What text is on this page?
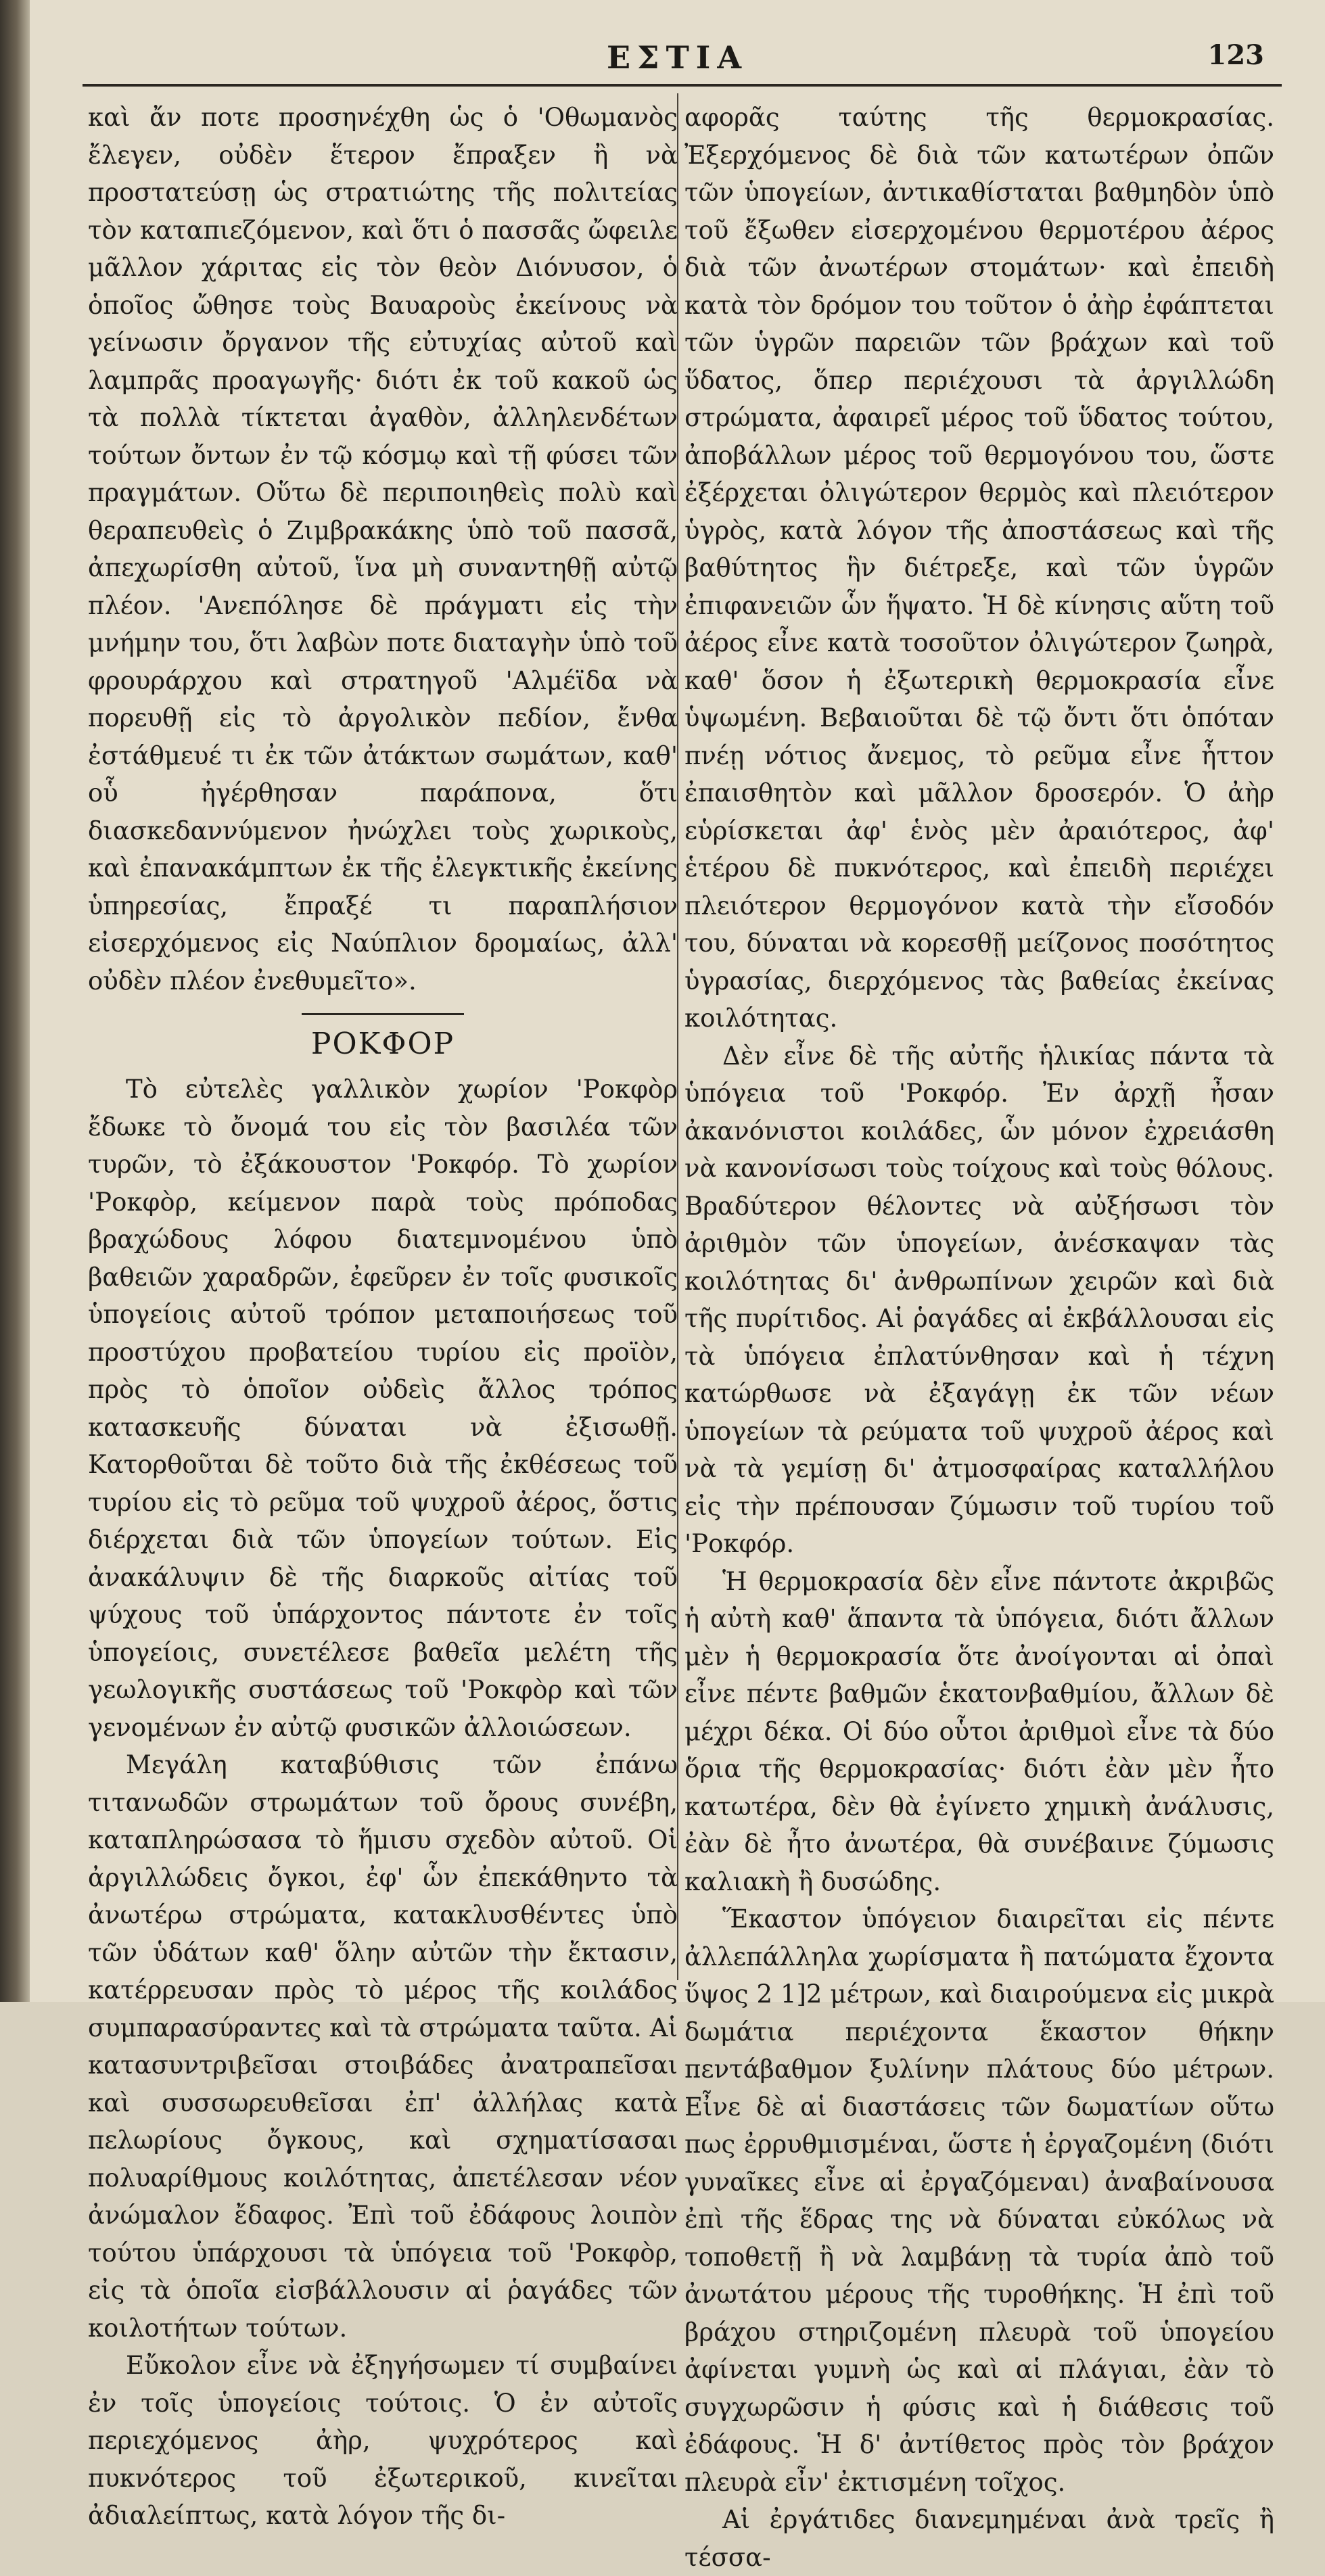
ΕΣΤΙΑ	123

καὶ ἄν ποτε προσηνέχθη ὡς ὁ 'Οθωμανὸς ἔλεγεν, οὐδὲν ἕτερον ἔπραξεν ἢ νὰ προστατεύσῃ ὡς στρατιώτης τῆς πολιτείας τὸν καταπιεζόμενον, καὶ ὅτι ὁ πασσᾶς ὤφειλε μᾶλλον χάριτας εἰς τὸν θεὸν Διόνυσον, ὁ ὁποῖος ὤθησε τοὺς Βαυαροὺς ἐκείνους νὰ γείνωσιν ὄργανον τῆς εὐτυχίας αὐτοῦ καὶ λαμπρᾶς προαγωγῆς· διότι ἐκ τοῦ κακοῦ ὡς τὰ πολλὰ τίκτεται ἀγαθὸν, ἀλληλενδέτων τούτων ὄντων ἐν τῷ κόσμῳ καὶ τῇ φύσει τῶν πραγμάτων. Οὕτω δὲ περιποιηθεὶς πολὺ καὶ θεραπευθεὶς ὁ Ζιμβρακάκης ὑπὸ τοῦ πασσᾶ, ἀπεχωρίσθη αὐτοῦ, ἵνα μὴ συναντηθῇ αὐτῷ πλέον. 'Ανεπόλησε δὲ πράγματι εἰς τὴν μνήμην του, ὅτι λαβὼν ποτε διαταγὴν ὑπὸ τοῦ φρουράρχου καὶ στρατηγοῦ 'Αλμέϊδα νὰ πορευθῇ εἰς τὸ ἀργολικὸν πεδίον, ἔνθα ἐστάθμευέ τι ἐκ τῶν ἀτάκτων σωμάτων, καθ' οὗ ἠγέρθησαν παράπονα, ὅτι διασκεδαννύμενον ἠνώχλει τοὺς χωρικοὺς, καὶ ἐπανακάμπτων ἐκ τῆς ἐλεγκτικῆς ἐκείνης ὑπηρεσίας, ἔπραξέ τι παραπλήσιον εἰσερχόμενος εἰς Ναύπλιον δρομαίως, ἀλλ' οὐδὲν πλέον ἐνεθυμεῖτο».

ΡΟΚΦΟΡ

Τὸ εὐτελὲς γαλλικὸν χωρίον 'Ροκφὸρ ἔδωκε τὸ ὄνομά του εἰς τὸν βασιλέα τῶν τυρῶν, τὸ ἐξάκουστον 'Ροκφόρ. Τὸ χωρίον 'Ροκφὸρ, κείμενον παρὰ τοὺς πρόποδας βραχώδους λόφου διατεμνομένου ὑπὸ βαθειῶν χαραδρῶν, ἐφεῦρεν ἐν τοῖς φυσικοῖς ὑπογείοις αὐτοῦ τρόπον μεταποιήσεως τοῦ προστύχου προβατείου τυρίου εἰς προϊὸν, πρὸς τὸ ὁποῖον οὐδεὶς ἄλλος τρόπος κατασκευῆς δύναται νὰ ἐξισωθῇ. Κατορθοῦται δὲ τοῦτο διὰ τῆς ἐκθέσεως τοῦ τυρίου εἰς τὸ ρεῦμα τοῦ ψυχροῦ ἀέρος, ὅστις διέρχεται διὰ τῶν ὑπογείων τούτων. Εἰς ἀνακάλυψιν δὲ τῆς διαρκοῦς αἰτίας τοῦ ψύχους τοῦ ὑπάρχοντος πάντοτε ἐν τοῖς ὑπογείοις, συνετέλεσε βαθεῖα μελέτη τῆς γεωλογικῆς συστάσεως τοῦ 'Ροκφὸρ καὶ τῶν γενομένων ἐν αὐτῷ φυσικῶν ἀλλοιώσεων.

Μεγάλη καταβύθισις τῶν ἐπάνω τιτανωδῶν στρωμάτων τοῦ ὄρους συνέβη, καταπληρώσασα τὸ ἥμισυ σχεδὸν αὐτοῦ. Οἱ ἀργιλλώδεις ὄγκοι, ἐφ' ὧν ἐπεκάθηντο τὰ ἀνωτέρω στρώματα, κατακλυσθέντες ὑπὸ τῶν ὑδάτων καθ' ὅλην αὐτῶν τὴν ἔκτασιν, κατέρρευσαν πρὸς τὸ μέρος τῆς κοιλάδος συμπαρασύραντες καὶ τὰ στρώματα ταῦτα. Αἱ κατασυντριβεῖσαι στοιβάδες ἀνατραπεῖσαι καὶ συσσωρευθεῖσαι ἐπ' ἀλλήλας κατὰ πελωρίους ὄγκους, καὶ σχηματίσασαι πολυαρίθμους κοιλότητας, ἀπετέλεσαν νέον ἀνώμαλον ἔδαφος. Ἐπὶ τοῦ ἐδάφους λοιπὸν τούτου ὑπάρχουσι τὰ ὑπόγεια τοῦ 'Ροκφὸρ, εἰς τὰ ὁποῖα εἰσβάλλουσιν αἱ ῥαγάδες τῶν κοιλοτήτων τούτων.

Εὔκολον εἶνε νὰ ἐξηγήσωμεν τί συμβαίνει ἐν τοῖς ὑπογείοις τούτοις. Ὁ ἐν αὐτοῖς περιεχόμενος ἀὴρ, ψυχρότερος καὶ πυκνότερος τοῦ ἐξωτερικοῦ, κινεῖται ἀδιαλείπτως, κατὰ λόγον τῆς δι-

αφορᾶς ταύτης τῆς θερμοκρασίας. Ἐξερχόμενος δὲ διὰ τῶν κατωτέρων ὀπῶν τῶν ὑπογείων, ἀντικαθίσταται βαθμηδὸν ὑπὸ τοῦ ἔξωθεν εἰσερχομένου θερμοτέρου ἀέρος διὰ τῶν ἀνωτέρων στομάτων· καὶ ἐπειδὴ κατὰ τὸν δρόμον του τοῦτον ὁ ἀὴρ ἐφάπτεται τῶν ὑγρῶν παρειῶν τῶν βράχων καὶ τοῦ ὕδατος, ὅπερ περιέχουσι τὰ ἀργιλλώδη στρώματα, ἀφαιρεῖ μέρος τοῦ ὕδατος τούτου, ἀποβάλλων μέρος τοῦ θερμογόνου του, ὥστε ἐξέρχεται ὀλιγώτερον θερμὸς καὶ πλειότερον ὑγρὸς, κατὰ λόγον τῆς ἀποστάσεως καὶ τῆς βαθύτητος ἣν διέτρεξε, καὶ τῶν ὑγρῶν ἐπιφανειῶν ὧν ἥψατο. Ἡ δὲ κίνησις αὕτη τοῦ ἀέρος εἶνε κατὰ τοσοῦτον ὀλιγώτερον ζωηρὰ, καθ' ὅσον ἡ ἐξωτερικὴ θερμοκρασία εἶνε ὑψωμένη. Βεβαιοῦται δὲ τῷ ὄντι ὅτι ὁπόταν πνέῃ νότιος ἄνεμος, τὸ ρεῦμα εἶνε ἧττον ἐπαισθητὸν καὶ μᾶλλον δροσερόν. Ὁ ἀὴρ εὑρίσκεται ἀφ' ἑνὸς μὲν ἀραιότερος, ἀφ' ἑτέρου δὲ πυκνότερος, καὶ ἐπειδὴ περιέχει πλειότερον θερμογόνον κατὰ τὴν εἴσοδόν του, δύναται νὰ κορεσθῇ μείζονος ποσότητος ὑγρασίας, διερχόμενος τὰς βαθείας ἐκείνας κοιλότητας.

Δὲν εἶνε δὲ τῆς αὐτῆς ἡλικίας πάντα τὰ ὑπόγεια τοῦ 'Ροκφόρ. Ἐν ἀρχῇ ἦσαν ἀκανόνιστοι κοιλάδες, ὧν μόνον ἐχρειάσθη νὰ κανονίσωσι τοὺς τοίχους καὶ τοὺς θόλους. Βραδύτερον θέλοντες νὰ αὐξήσωσι τὸν ἀριθμὸν τῶν ὑπογείων, ἀνέσκαψαν τὰς κοιλότητας δι' ἀνθρωπίνων χειρῶν καὶ διὰ τῆς πυρίτιδος. Αἱ ῥαγάδες αἱ ἐκβάλλουσαι εἰς τὰ ὑπόγεια ἐπλατύνθησαν καὶ ἡ τέχνη κατώρθωσε νὰ ἐξαγάγῃ ἐκ τῶν νέων ὑπογείων τὰ ρεύματα τοῦ ψυχροῦ ἀέρος καὶ νὰ τὰ γεμίσῃ δι' ἀτμοσφαίρας καταλλήλου εἰς τὴν πρέπουσαν ζύμωσιν τοῦ τυρίου τοῦ 'Ροκφόρ.

Ἡ θερμοκρασία δὲν εἶνε πάντοτε ἀκριβῶς ἡ αὐτὴ καθ' ἅπαντα τὰ ὑπόγεια, διότι ἄλλων μὲν ἡ θερμοκρασία ὅτε ἀνοίγονται αἱ ὀπαὶ εἶνε πέντε βαθμῶν ἑκατονβαθμίου, ἄλλων δὲ μέχρι δέκα. Οἱ δύο οὗτοι ἀριθμοὶ εἶνε τὰ δύο ὅρια τῆς θερμοκρασίας· διότι ἐὰν μὲν ἦτο κατωτέρα, δὲν θὰ ἐγίνετο χημικὴ ἀνάλυσις, ἐὰν δὲ ἦτο ἀνωτέρα, θὰ συνέβαινε ζύμωσις καλιακὴ ἢ δυσώδης.

Ἕκαστον ὑπόγειον διαιρεῖται εἰς πέντε ἀλλεπάλληλα χωρίσματα ἢ πατώματα ἔχοντα ὕψος 2 1]2 μέτρων, καὶ διαιρούμενα εἰς μικρὰ δωμάτια περιέχοντα ἕκαστον θήκην πεντάβαθμον ξυλίνην πλάτους δύο μέτρων. Εἶνε δὲ αἱ διαστάσεις τῶν δωματίων οὕτω πως ἐρρυθμισμέναι, ὥστε ἡ ἐργαζομένη (διότι γυναῖκες εἶνε αἱ ἐργαζόμεναι) ἀναβαίνουσα ἐπὶ τῆς ἕδρας της νὰ δύναται εὐκόλως νὰ τοποθετῇ ἢ νὰ λαμβάνῃ τὰ τυρία ἀπὸ τοῦ ἀνωτάτου μέρους τῆς τυροθήκης. Ἡ ἐπὶ τοῦ βράχου στηριζομένη πλευρὰ τοῦ ὑπογείου ἀφίνεται γυμνὴ ὡς καὶ αἱ πλάγιαι, ἐὰν τὸ συγχωρῶσιν ἡ φύσις καὶ ἡ διάθεσις τοῦ ἐδάφους. Ἡ δ' ἀντίθετος πρὸς τὸν βράχον πλευρὰ εἶν' ἐκτισμένη τοῖχος.

Αἱ ἐργάτιδες διανεμημέναι ἀνὰ τρεῖς ἢ τέσσα-
